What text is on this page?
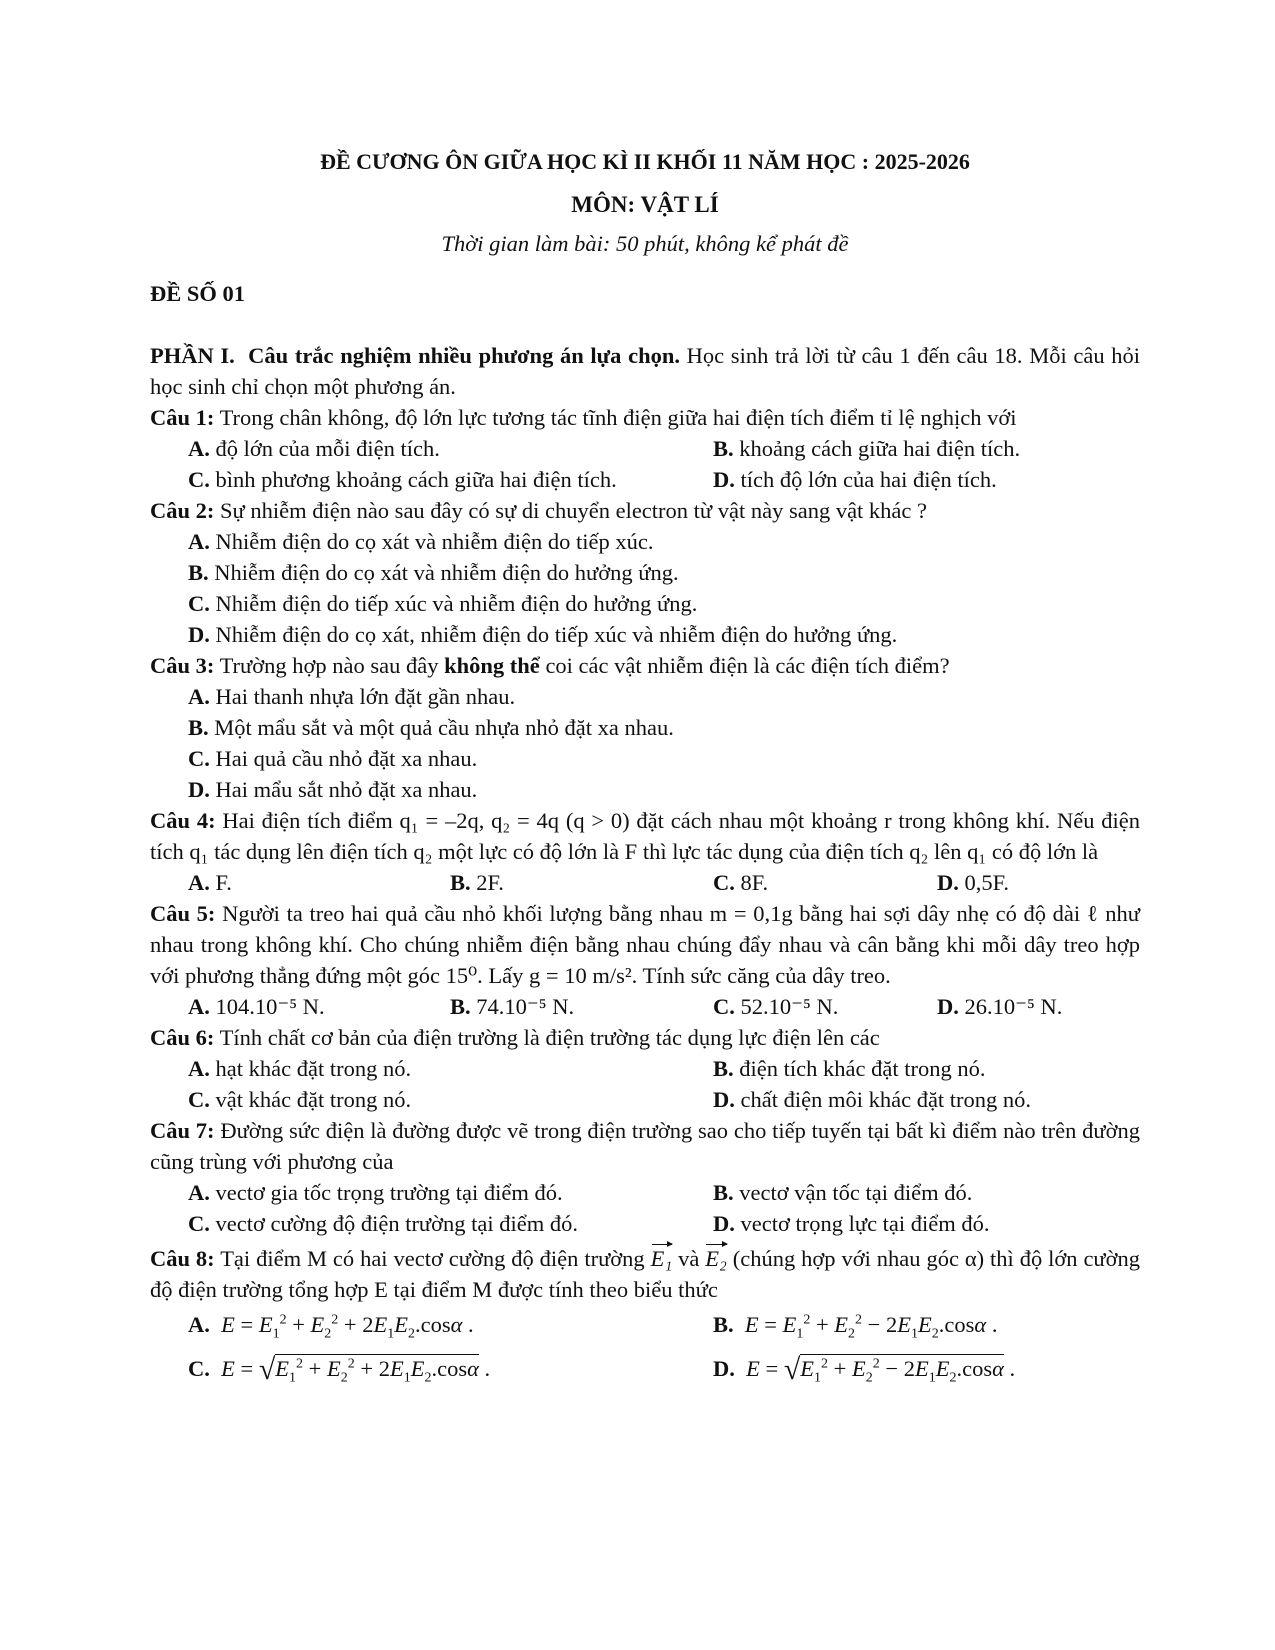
ĐỀ CƯƠNG ÔN GIỮA HỌC KÌ II KHỐI 11 NĂM HỌC : 2025-2026

MÔN: VẬT LÍ

Thời gian làm bài: 50 phút, không kể phát đề

ĐỀ SỐ 01

PHẦN I. Câu trắc nghiệm nhiều phương án lựa chọn. Học sinh trả lời từ câu 1 đến câu 18. Mỗi câu hỏi học sinh chỉ chọn một phương án.

Câu 1: Trong chân không, độ lớn lực tương tác tĩnh điện giữa hai điện tích điểm tỉ lệ nghịch với

A. độ lớn của mỗi điện tích.	B. khoảng cách giữa hai điện tích.
C. bình phương khoảng cách giữa hai điện tích.	D. tích độ lớn của hai điện tích.

Câu 2: Sự nhiễm điện nào sau đây có sự di chuyển electron từ vật này sang vật khác ?

A. Nhiễm điện do cọ xát và nhiễm điện do tiếp xúc.
B. Nhiễm điện do cọ xát và nhiễm điện do hưởng ứng.
C. Nhiễm điện do tiếp xúc và nhiễm điện do hưởng ứng.
D. Nhiễm điện do cọ xát, nhiễm điện do tiếp xúc và nhiễm điện do hưởng ứng.

Câu 3: Trường hợp nào sau đây không thể coi các vật nhiễm điện là các điện tích điểm?

A. Hai thanh nhựa lớn đặt gần nhau.
B. Một mẩu sắt và một quả cầu nhựa nhỏ đặt xa nhau.
C. Hai quả cầu nhỏ đặt xa nhau.
D. Hai mẩu sắt nhỏ đặt xa nhau.

Câu 4: Hai điện tích điểm q₁ = –2q, q₂ = 4q (q > 0) đặt cách nhau một khoảng r trong không khí. Nếu điện tích q₁ tác dụng lên điện tích q₂ một lực có độ lớn là F thì lực tác dụng của điện tích q₂ lên q₁ có độ lớn là

A. F.	B. 2F.	C. 8F.	D. 0,5F.

Câu 5: Người ta treo hai quả cầu nhỏ khối lượng bằng nhau m = 0,1g bằng hai sợi dây nhẹ có độ dài ℓ như nhau trong không khí. Cho chúng nhiễm điện bằng nhau chúng đẩy nhau và cân bằng khi mỗi dây treo hợp với phương thẳng đứng một góc 15⁰. Lấy g = 10 m/s². Tính sức căng của dây treo.

A. 104.10⁻⁵ N.	B. 74.10⁻⁵ N.	C. 52.10⁻⁵ N.	D. 26.10⁻⁵ N.

Câu 6: Tính chất cơ bản của điện trường là điện trường tác dụng lực điện lên các

A. hạt khác đặt trong nó.	B. điện tích khác đặt trong nó.
C. vật khác đặt trong nó.	D. chất điện môi khác đặt trong nó.

Câu 7: Đường sức điện là đường được vẽ trong điện trường sao cho tiếp tuyến tại bất kì điểm nào trên đường cũng trùng với phương của

A. vectơ gia tốc trọng trường tại điểm đó.	B. vectơ vận tốc tại điểm đó.
C. vectơ cường độ điện trường tại điểm đó.	D. vectơ trọng lực tại điểm đó.

Câu 8: Tại điểm M có hai vectơ cường độ điện trường E₁ và E₂ (chúng hợp với nhau góc α) thì độ lớn cường độ điện trường tổng hợp E tại điểm M được tính theo biểu thức

A. $E = E_1^2 + E_2^2 + 2E_1E_2.\cos\alpha$ .	B. $E = E_1^2 + E_2^2 - 2E_1E_2.\cos\alpha$ .
C. $E = √E_1^2 + E_2^2 + 2E_1E_2.\cos\alpha$ .	D. $E = √E_1^2 + E_2^2 - 2E_1E_2.\cos\alpha$ .
